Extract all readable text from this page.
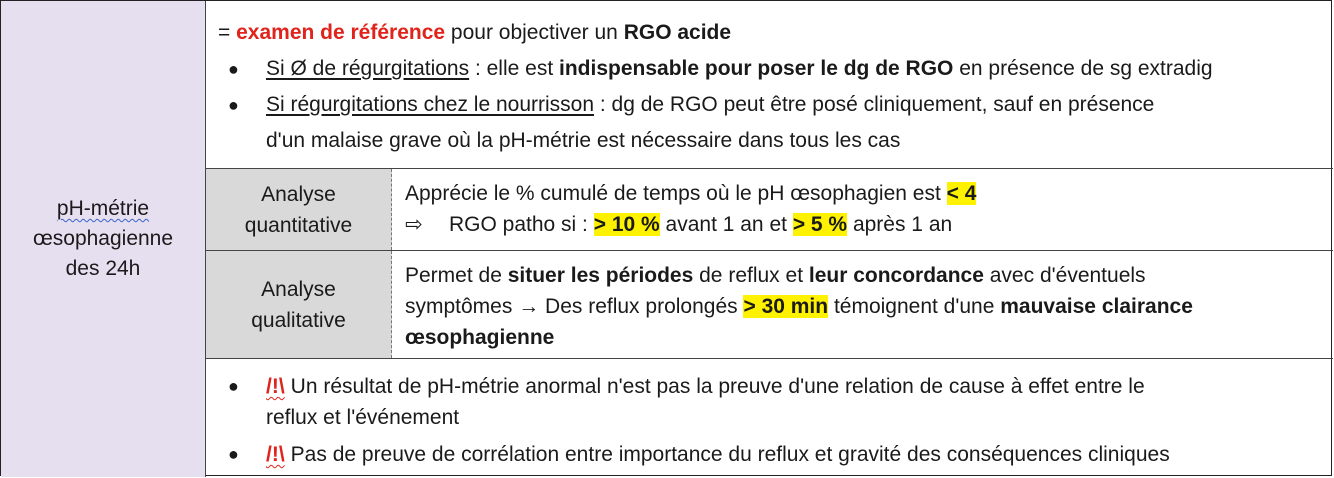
pH-métrie
œsophagienne
des 24h
= examen de référence pour objectiver un RGO acide
● Si Ø de régurgitations : elle est indispensable pour poser le dg de RGO en présence de sg extradig
● Si régurgitations chez le nourrisson : dg de RGO peut être posé cliniquement, sauf en présence
d'un malaise grave où la pH-métrie est nécessaire dans tous les cas
Analyse
quantitative
Apprécie le % cumulé de temps où le pH œsophagien est < 4
⇨ RGO patho si : > 10 % avant 1 an et > 5 % après 1 an
Analyse
qualitative
Permet de situer les périodes de reflux et leur concordance avec d'éventuels
symptômes → Des reflux prolongés > 30 min témoignent d'une mauvaise clairance
œsophagienne
● /!\ Un résultat de pH-métrie anormal n'est pas la preuve d'une relation de cause à effet entre le
reflux et l'événement
● /!\ Pas de preuve de corrélation entre importance du reflux et gravité des conséquences cliniques
